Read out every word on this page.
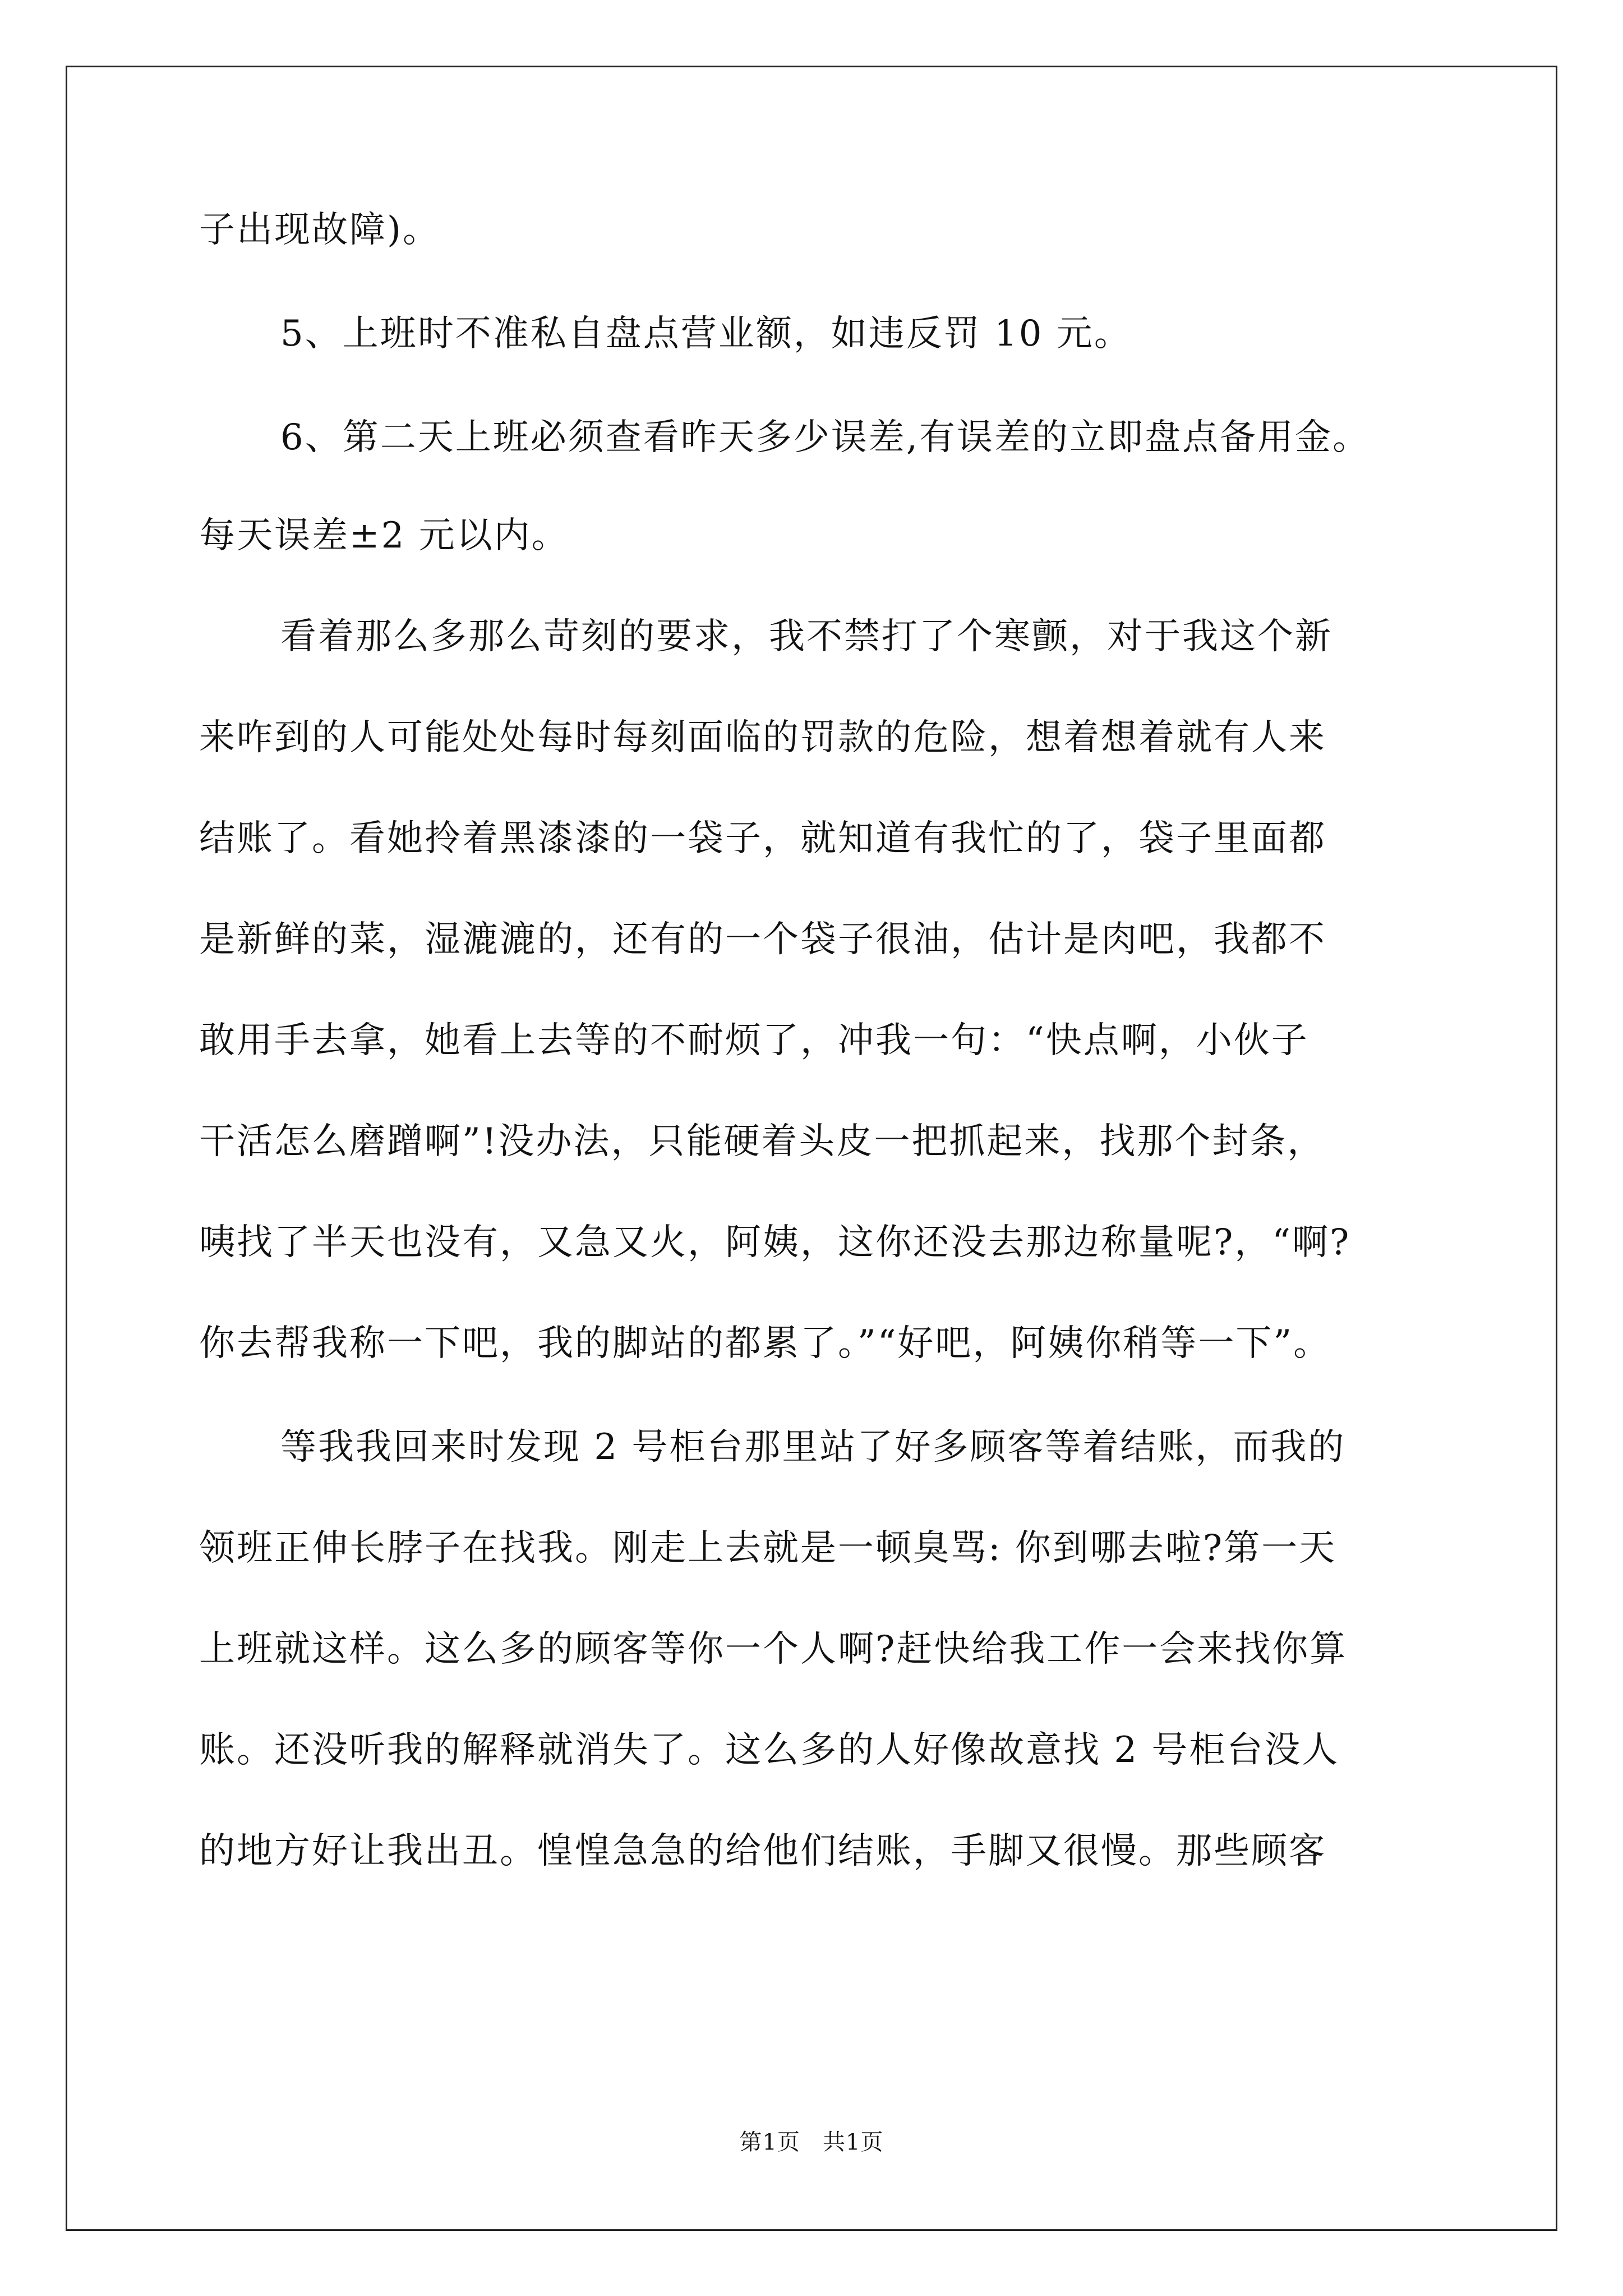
子出现故障)。
5、上班时不准私自盘点营业额，如违反罚 10 元。
6、第二天上班必须查看昨天多少误差,有误差的立即盘点备用金。
每天误差±2 元以内。
看着那么多那么苛刻的要求，我不禁打了个寒颤，对于我这个新
来咋到的人可能处处每时每刻面临的罚款的危险，想着想着就有人来
结账了。看她拎着黑漆漆的一袋子，就知道有我忙的了，袋子里面都
是新鲜的菜，湿漉漉的，还有的一个袋子很油，估计是肉吧，我都不
敢用手去拿，她看上去等的不耐烦了，冲我一句：“快点啊，小伙子
干活怎么磨蹭啊”!没办法，只能硬着头皮一把抓起来，找那个封条，
咦找了半天也没有，又急又火，阿姨，这你还没去那边称量呢?，“啊?
你去帮我称一下吧，我的脚站的都累了。”“好吧，阿姨你稍等一下”。
等我我回来时发现 2 号柜台那里站了好多顾客等着结账，而我的
领班正伸长脖子在找我。刚走上去就是一顿臭骂: 你到哪去啦?第一天
上班就这样。这么多的顾客等你一个人啊?赶快给我工作一会来找你算
账。还没听我的解释就消失了。这么多的人好像故意找 2 号柜台没人
的地方好让我出丑。惶惶急急的给他们结账，手脚又很慢。那些顾客
第1页 共1页
